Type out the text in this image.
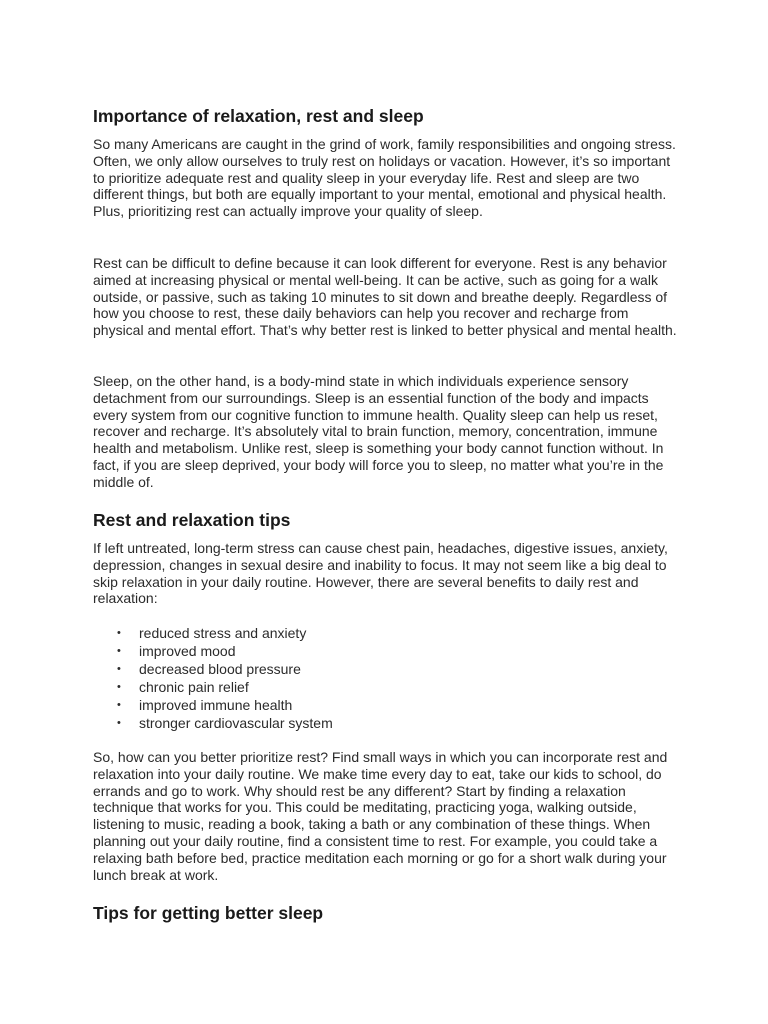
Importance of relaxation, rest and sleep

So many Americans are caught in the grind of work, family responsibilities and ongoing stress. Often, we only allow ourselves to truly rest on holidays or vacation. However, it’s so important to prioritize adequate rest and quality sleep in your everyday life. Rest and sleep are two different things, but both are equally important to your mental, emotional and physical health. Plus, prioritizing rest can actually improve your quality of sleep.

Rest can be difficult to define because it can look different for everyone. Rest is any behavior aimed at increasing physical or mental well-being. It can be active, such as going for a walk outside, or passive, such as taking 10 minutes to sit down and breathe deeply. Regardless of how you choose to rest, these daily behaviors can help you recover and recharge from physical and mental effort. That’s why better rest is linked to better physical and mental health.

Sleep, on the other hand, is a body-mind state in which individuals experience sensory detachment from our surroundings. Sleep is an essential function of the body and impacts every system from our cognitive function to immune health. Quality sleep can help us reset, recover and recharge. It’s absolutely vital to brain function, memory, concentration, immune health and metabolism. Unlike rest, sleep is something your body cannot function without. In fact, if you are sleep deprived, your body will force you to sleep, no matter what you’re in the middle of.

Rest and relaxation tips

If left untreated, long-term stress can cause chest pain, headaches, digestive issues, anxiety, depression, changes in sexual desire and inability to focus. It may not seem like a big deal to skip relaxation in your daily routine. However, there are several benefits to daily rest and relaxation:

• reduced stress and anxiety
• improved mood
• decreased blood pressure
• chronic pain relief
• improved immune health
• stronger cardiovascular system

So, how can you better prioritize rest? Find small ways in which you can incorporate rest and relaxation into your daily routine. We make time every day to eat, take our kids to school, do errands and go to work. Why should rest be any different? Start by finding a relaxation technique that works for you. This could be meditating, practicing yoga, walking outside, listening to music, reading a book, taking a bath or any combination of these things. When planning out your daily routine, find a consistent time to rest. For example, you could take a relaxing bath before bed, practice meditation each morning or go for a short walk during your lunch break at work.

Tips for getting better sleep
